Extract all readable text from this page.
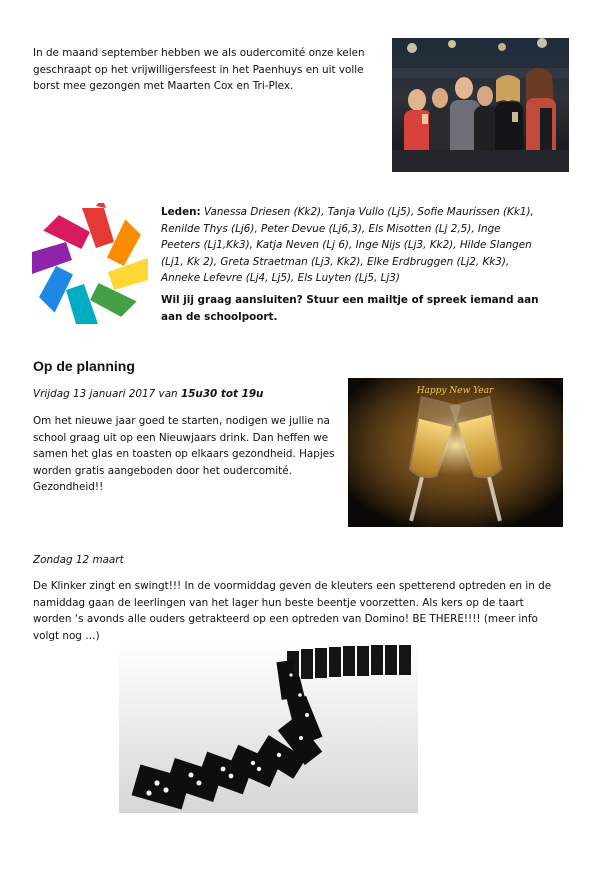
In de maand september hebben we als oudercomité onze kelen geschraapt op het vrijwilligersfeest in het Paenhuys en uit volle borst mee gezongen met Maarten Cox en Tri-Plex.

Leden: Vanessa Driesen (Kk2), Tanja Vullo (Lj5), Sofie Maurissen (Kk1), Renilde Thys (Lj6), Peter Devue (Lj6,3), Els Misotten (Lj 2,5), Inge Peeters (Lj1,Kk3), Katja Neven (Lj 6), Inge Nijs (Lj3, Kk2), Hilde Slangen (Lj1, Kk 2), Greta Straetman (Lj3, Kk2), Elke Erdbruggen (Lj2, Kk3), Anneke Lefevre (Lj4, Lj5), Els Luyten (Lj5, Lj3)

Wil jij graag aansluiten? Stuur een mailtje of spreek iemand aan aan de schoolpoort.

Op de planning

Vrijdag 13 januari 2017 van 15u30 tot 19u

Om het nieuwe jaar goed te starten, nodigen we jullie na school graag uit op een Nieuwjaars drink. Dan heffen we samen het glas en toasten op elkaars gezondheid. Hapjes worden gratis aangeboden door het oudercomité. Gezondheid!!

Happy New Year

Zondag 12 maart

De Klinker zingt en swingt!!! In de voormiddag geven de kleuters een spetterend optreden en in de namiddag gaan de leerlingen van het lager hun beste beentje voorzetten. Als kers op de taart worden ‘s avonds alle ouders getrakteerd op een optreden van Domino! BE THERE!!!! (meer info volgt nog …)
